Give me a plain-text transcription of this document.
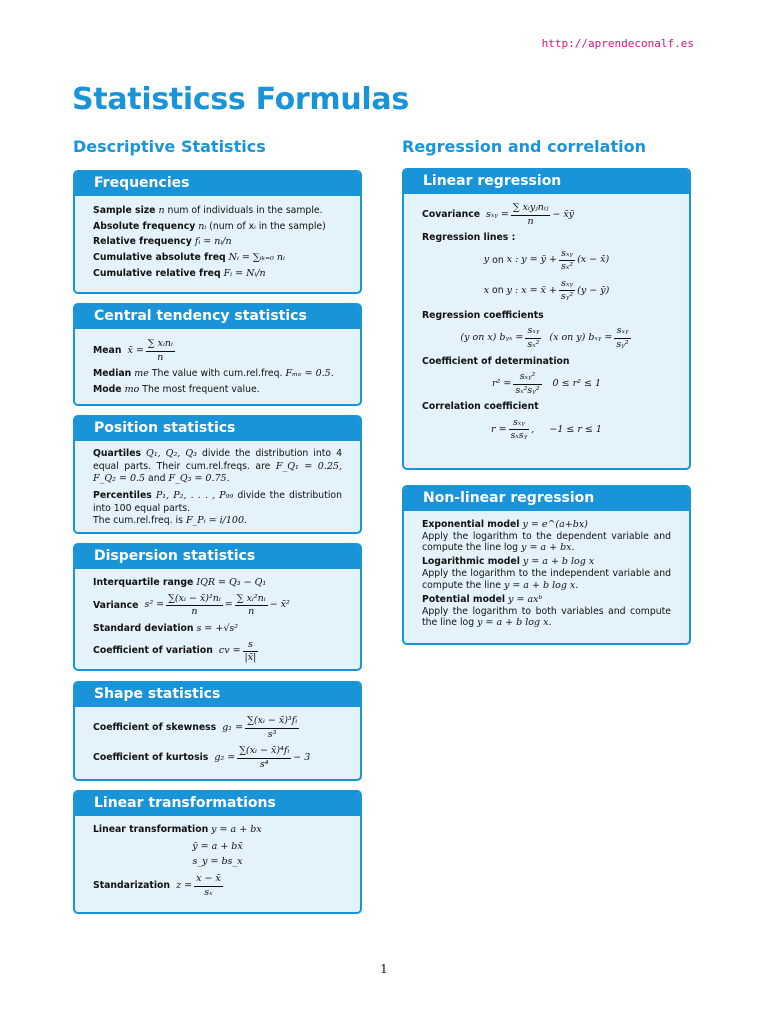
http://aprendeconalf.es
Statisticss Formulas
Descriptive Statistics	Regression and correlation
Frequencies
Sample size n num of individuals in the sample.
Absolute frequency nᵢ (num of xᵢ in the sample)
Relative frequency fᵢ = nᵢ/n
Cumulative absolute freq Nᵢ = ∑ᵢₖ₌₀ nᵢ
Cumulative relative freq Fᵢ = Nᵢ/n
Central tendency statistics
Mean x̄ = $\frac{\text{∑ xᵢnᵢ}}{n}$
Median me The value with cum.rel.freq. Fₘₑ = 0.5.
Mode mo The most frequent value.
Position statistics
Quartiles Q₁, Q₂, Q₃ divide the distribution into 4 equal parts. Their cum.rel.freqs. are F_Q₁ = 0.25, F_Q₂ = 0.5 and F_Q₃ = 0.75.
Percentiles P₁, P₂, . . . , P₉₉ divide the distribution into 100 equal parts.
The cum.rel.freq. is F_Pᵢ = i/100.
Dispersion statistics
Interquartile range IQR = Q₃ − Q₁
Variance $s^2 = \frac{\text{∑(xᵢ − x̄)²nᵢ}}{n} = \frac{\text{∑ xᵢ²nᵢ}}{n}$ − x̄²
Standard deviation s = +√s²
Coefficient of variation cv = $\frac{s}{|x̄|}$
Shape statistics
Coefficient of skewness $g_1 = \frac{\text{∑(xᵢ − x̄)³fᵢ}}{\text{s³}}$
Coefficient of kurtosis $g_2 = \frac{\text{∑(xᵢ − x̄)⁴fᵢ}}{\text{s⁴}} - 3$
Linear transformations
Linear transformation y = a + bx
ȳ = a + bx̄
s_y = bs_x
Standarization $z = \frac{x - x̄}{\text{sₓ}}$
Linear regression
Covariance sₓᵧ = $\frac{\text{∑ xᵢyⱼnᵢⱼ}}{n}$ − x̄ȳ
Regression lines :
y
on
x : y = ȳ + $\frac{\text{sₓᵧ}}{\text{sₓ²}} (x$ − x̄)
x
on
y : x = x̄ + $\frac{\text{sₓᵧ}}{\text{sᵧ²}} (y$ − ȳ)
Regression coefficients
(y on x)
bᵧₓ = $\frac{\text{sₓᵧ}}{\text{sₓ²}}$
(x on y)
bₓᵧ = $\frac{\text{sₓᵧ}}{\text{sᵧ²}}$
Coefficient of determination
$r^2 = \frac{\text{sₓᵧ²}}{\text{sₓ²sᵧ²}}$
0 ≤ r² ≤ 1
Correlation coefficient
$r = \frac{\text{sₓᵧ}}{\text{sₓsᵧ}}$ ,     −1 ≤ r ≤ 1
Non-linear regression
Exponential model y = e^(a+bx)
Apply the logarithm to the dependent variable and compute the line log y = a + bx.
Logarithmic model y = a + b log x
Apply the logarithm to the independent variable and compute the line y = a + b log x.
Potential model y = axᵇ
Apply the logarithm to both variables and compute the line log y = a + b log x.
1
